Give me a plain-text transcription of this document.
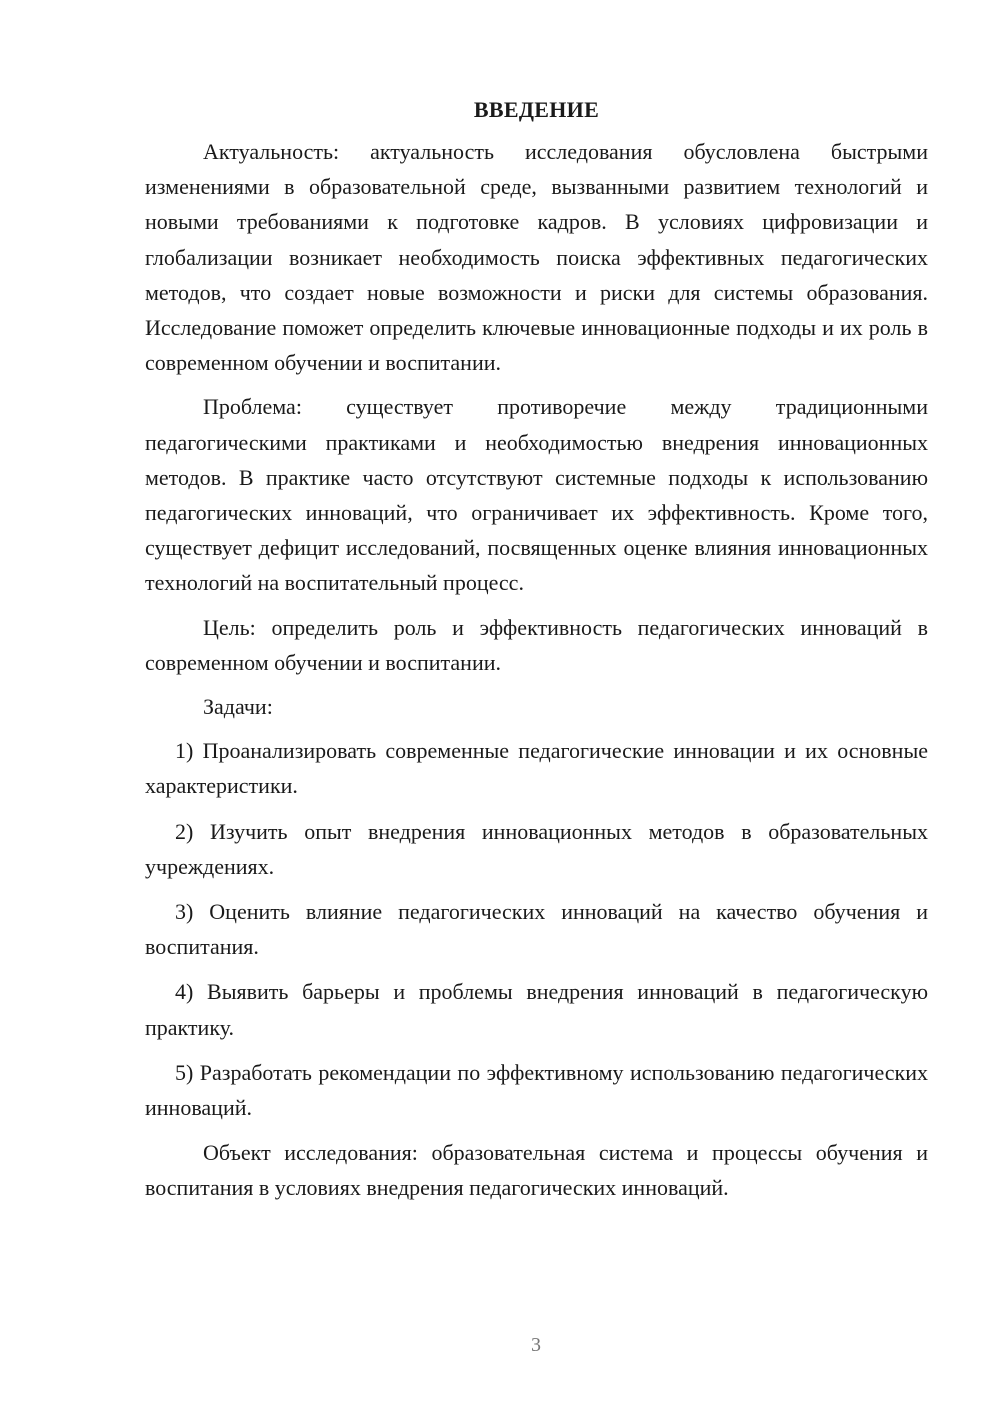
ВВЕДЕНИЕ

Актуальность: актуальность исследования обусловлена быстрыми изменениями в образовательной среде, вызванными развитием технологий и новыми требованиями к подготовке кадров. В условиях цифровизации и глобализации возникает необходимость поиска эффективных педагогических методов, что создает новые возможности и риски для системы образования. Исследование поможет определить ключевые инновационные подходы и их роль в современном обучении и воспитании.

Проблема: существует противоречие между традиционными педагогическими практиками и необходимостью внедрения инновационных методов. В практике часто отсутствуют системные подходы к использованию педагогических инноваций, что ограничивает их эффективность. Кроме того, существует дефицит исследований, посвященных оценке влияния инновационных технологий на воспитательный процесс.

Цель: определить роль и эффективность педагогических инноваций в современном обучении и воспитании.

Задачи:

1) Проанализировать современные педагогические инновации и их основные характеристики.

2) Изучить опыт внедрения инновационных методов в образовательных учреждениях.

3) Оценить влияние педагогических инноваций на качество обучения и воспитания.

4) Выявить барьеры и проблемы внедрения инноваций в педагогическую практику.

5) Разработать рекомендации по эффективному использованию педагогических инноваций.

Объект исследования: образовательная система и процессы обучения и воспитания в условиях внедрения педагогических инноваций.

3
